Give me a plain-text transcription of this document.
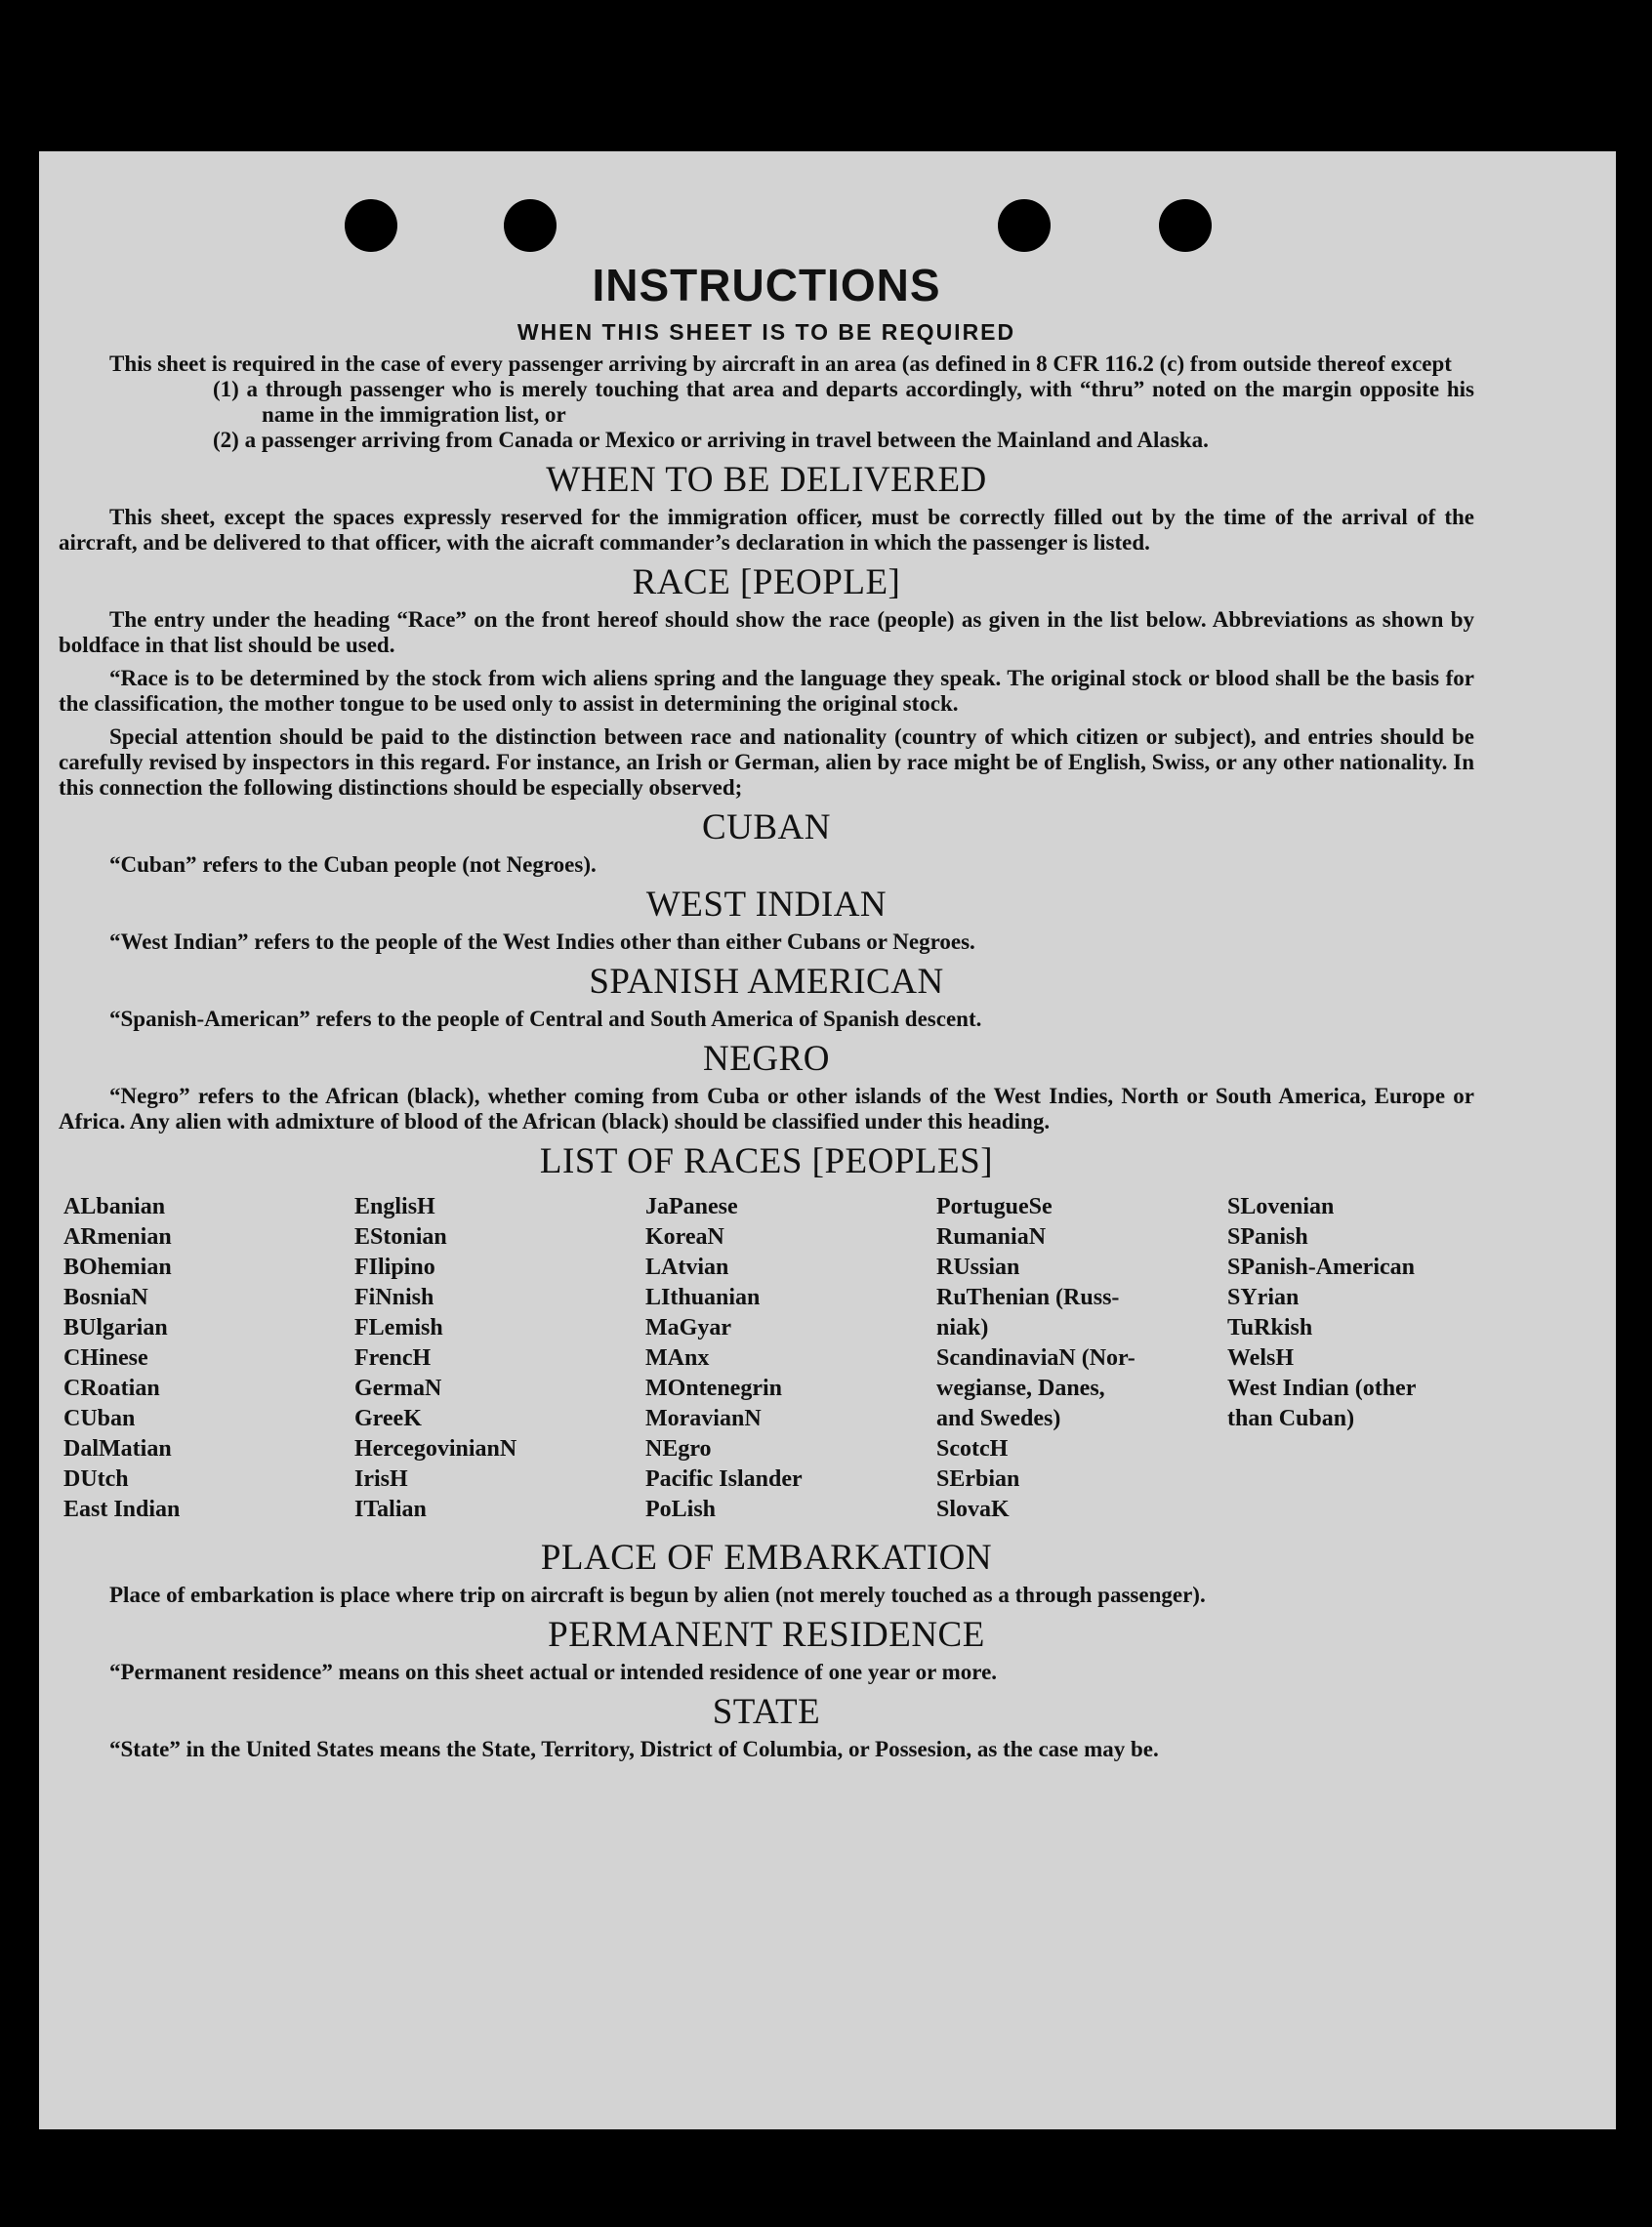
INSTRUCTIONS
WHEN THIS SHEET IS TO BE REQUIRED

This sheet is required in the case of every passenger arriving by aircraft in an area (as defined in 8 CFR 116.2 (c) from outside thereof except

(1) a through passenger who is merely touching that area and departs accordingly, with “thru” noted on the margin opposite his name in the immigration list, or
(2) a passenger arriving from Canada or Mexico or arriving in travel between the Mainland and Alaska.
WHEN TO BE DELIVERED

This sheet, except the spaces expressly reserved for the immigration officer, must be correctly filled out by the time of the arrival of the aircraft, and be delivered to that officer, with the aicraft commander’s declaration in which the passenger is listed.

RACE [PEOPLE]

The entry under the heading “Race” on the front hereof should show the race (people) as given in the list below. Abbreviations as shown by boldface in that list should be used.

“Race is to be determined by the stock from wich aliens spring and the language they speak. The original stock or blood shall be the basis for the classification, the mother tongue to be used only to assist in determining the original stock.

Special attention should be paid to the distinction between race and nationality (country of which citizen or subject), and entries should be carefully revised by inspectors in this regard. For instance, an Irish or German, alien by race might be of English, Swiss, or any other nationality. In this connection the following distinctions should be especially observed;

CUBAN

“Cuban” refers to the Cuban people (not Negroes).

WEST INDIAN

“West Indian” refers to the people of the West Indies other than either Cubans or Negroes.

SPANISH AMERICAN

“Spanish-American” refers to the people of Central and South America of Spanish descent.

NEGRO

“Negro” refers to the African (black), whether coming from Cuba or other islands of the West Indies, North or South America, Europe or Africa. Any alien with admixture of blood of the African (black) should be classified under this heading.

LIST OF RACES [PEOPLES]
ALbanian
ARmenian
BOhemian
BosniaN
BUlgarian
CHinese
CRoatian
CUban
DalMatian
DUtch
East Indian
EnglisH
EStonian
FIlipino
FiNnish
FLemish
FrencH
GermaN
GreeK
HercegovinianN
IrisH
ITalian
JaPanese
KoreaN
LAtvian
LIthuanian
MaGyar
MAnx
MOntenegrin
MoravianN
NEgro
Pacific Islander
PoLish
PortugueSe
RumaniaN
RUssian
RuThenian (Russ-
niak)
ScandinaviaN (Nor-
wegianse, Danes,
and Swedes)
ScotcH
SErbian
SlovaK
SLovenian
SPanish
SPanish-American
SYrian
TuRkish
WelsH
West Indian (other
than Cuban)
PLACE OF EMBARKATION

Place of embarkation is place where trip on aircraft is begun by alien (not merely touched as a through passenger).

PERMANENT RESIDENCE

“Permanent residence” means on this sheet actual or intended residence of one year or more.

STATE

“State” in the United States means the State, Territory, District of Columbia, or Possesion, as the case may be.
